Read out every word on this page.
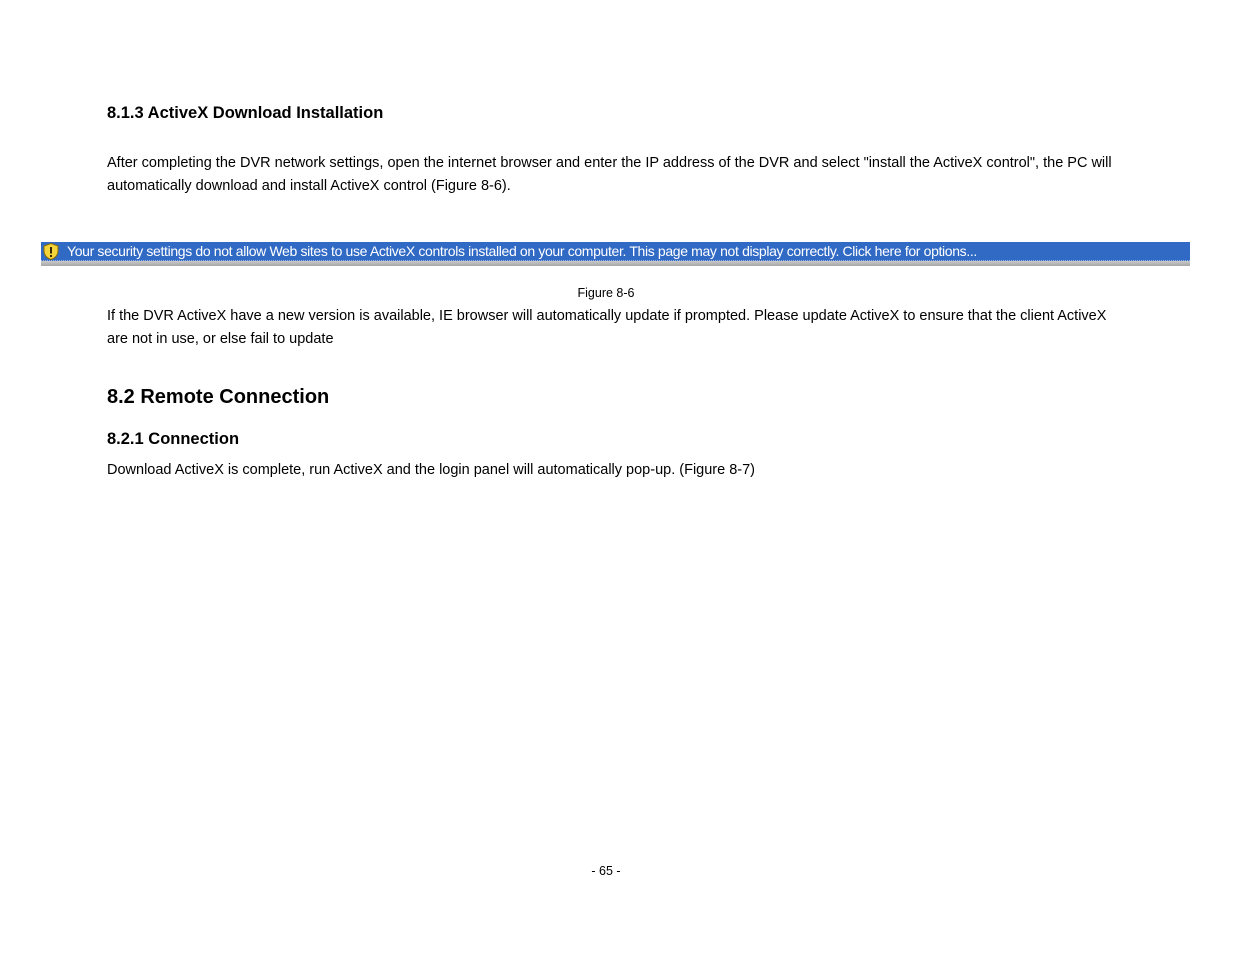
8.1.3 ActiveX Download Installation

After completing the DVR network settings, open the internet browser and enter the IP address of the DVR and select "install the ActiveX control", the PC will automatically download and install ActiveX control (Figure 8-6).

Your security settings do not allow Web sites to use ActiveX controls installed on your computer. This page may not display correctly. Click here for options...

Figure 8-6

If the DVR ActiveX have a new version is available, IE browser will automatically update if prompted. Please update ActiveX to ensure that the client ActiveX are not in use, or else fail to update

8.2 Remote Connection
8.2.1 Connection

Download ActiveX is complete, run ActiveX and the login panel will automatically pop-up. (Figure 8-7)

- 65 -
